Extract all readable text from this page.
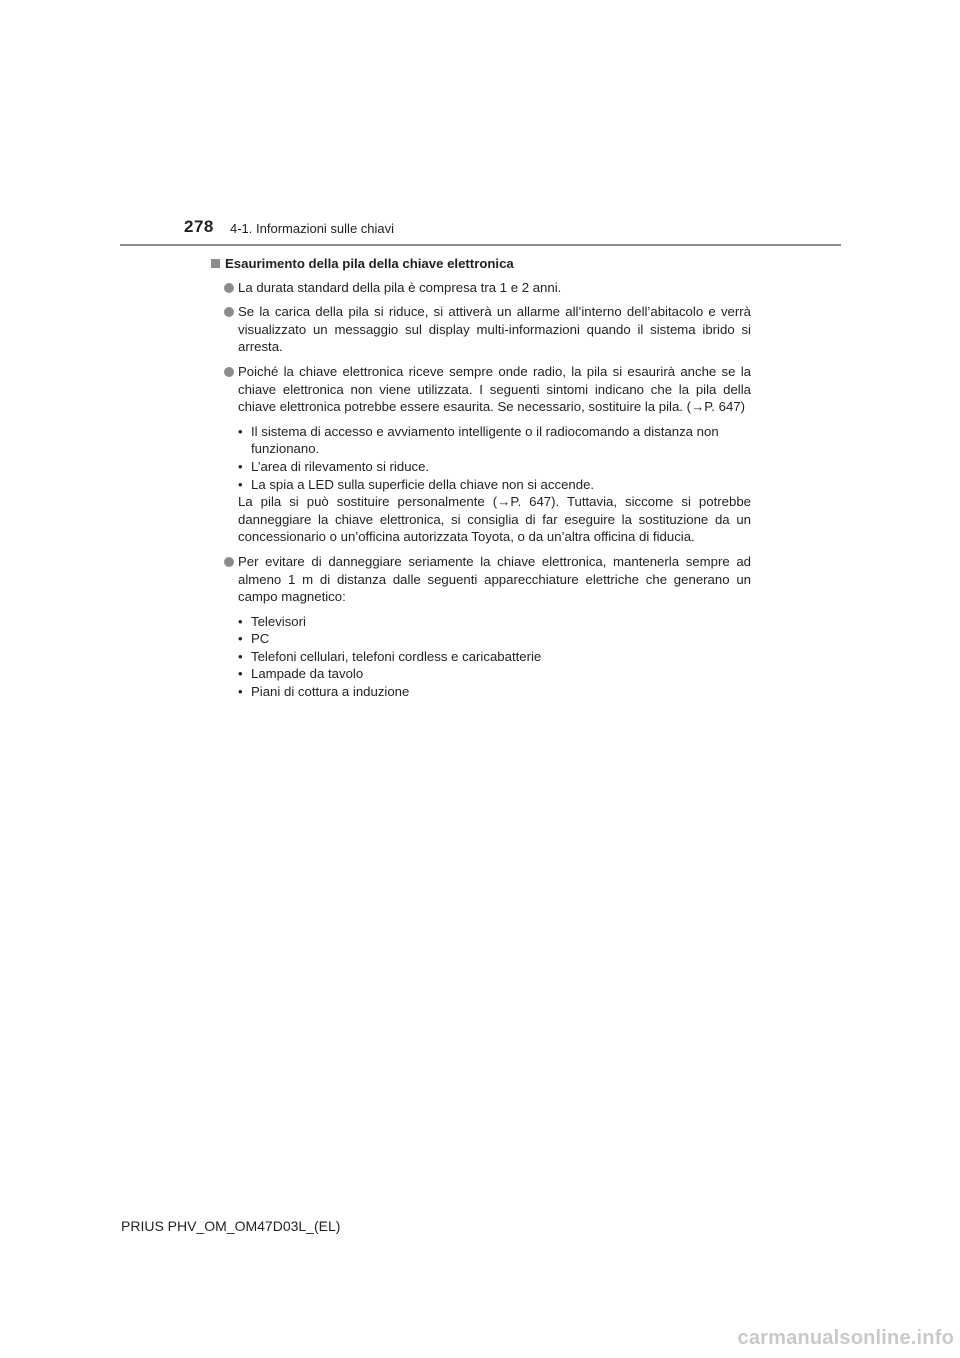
278 4-1. Informazioni sulle chiavi
Esaurimento della pila della chiave elettronica
La durata standard della pila è compresa tra 1 e 2 anni.
Se la carica della pila si riduce, si attiverà un allarme all’interno dell’abitacolo e verrà visualizzato un messaggio sul display multi-informazioni quando il sistema ibrido si arresta.
Poiché la chiave elettronica riceve sempre onde radio, la pila si esaurirà anche se la chiave elettronica non viene utilizzata. I seguenti sintomi indicano che la pila della chiave elettronica potrebbe essere esaurita. Se necessario, sostituire la pila. (→P. 647)
• Il sistema di accesso e avviamento intelligente o il radiocomando a distanza non funzionano.
• L’area di rilevamento si riduce.
• La spia a LED sulla superficie della chiave non si accende.
La pila si può sostituire personalmente (→P. 647). Tuttavia, siccome si potrebbe danneggiare la chiave elettronica, si consiglia di far eseguire la sostituzione da un concessionario o un’officina autorizzata Toyota, o da un’altra officina di fiducia.
Per evitare di danneggiare seriamente la chiave elettronica, mantenerla sempre ad almeno 1 m di distanza dalle seguenti apparecchiature elettriche che generano un campo magnetico:
• Televisori
• PC
• Telefoni cellulari, telefoni cordless e caricabatterie
• Lampade da tavolo
• Piani di cottura a induzione
PRIUS PHV_OM_OM47D03L_(EL)
carmanualsonline.info
